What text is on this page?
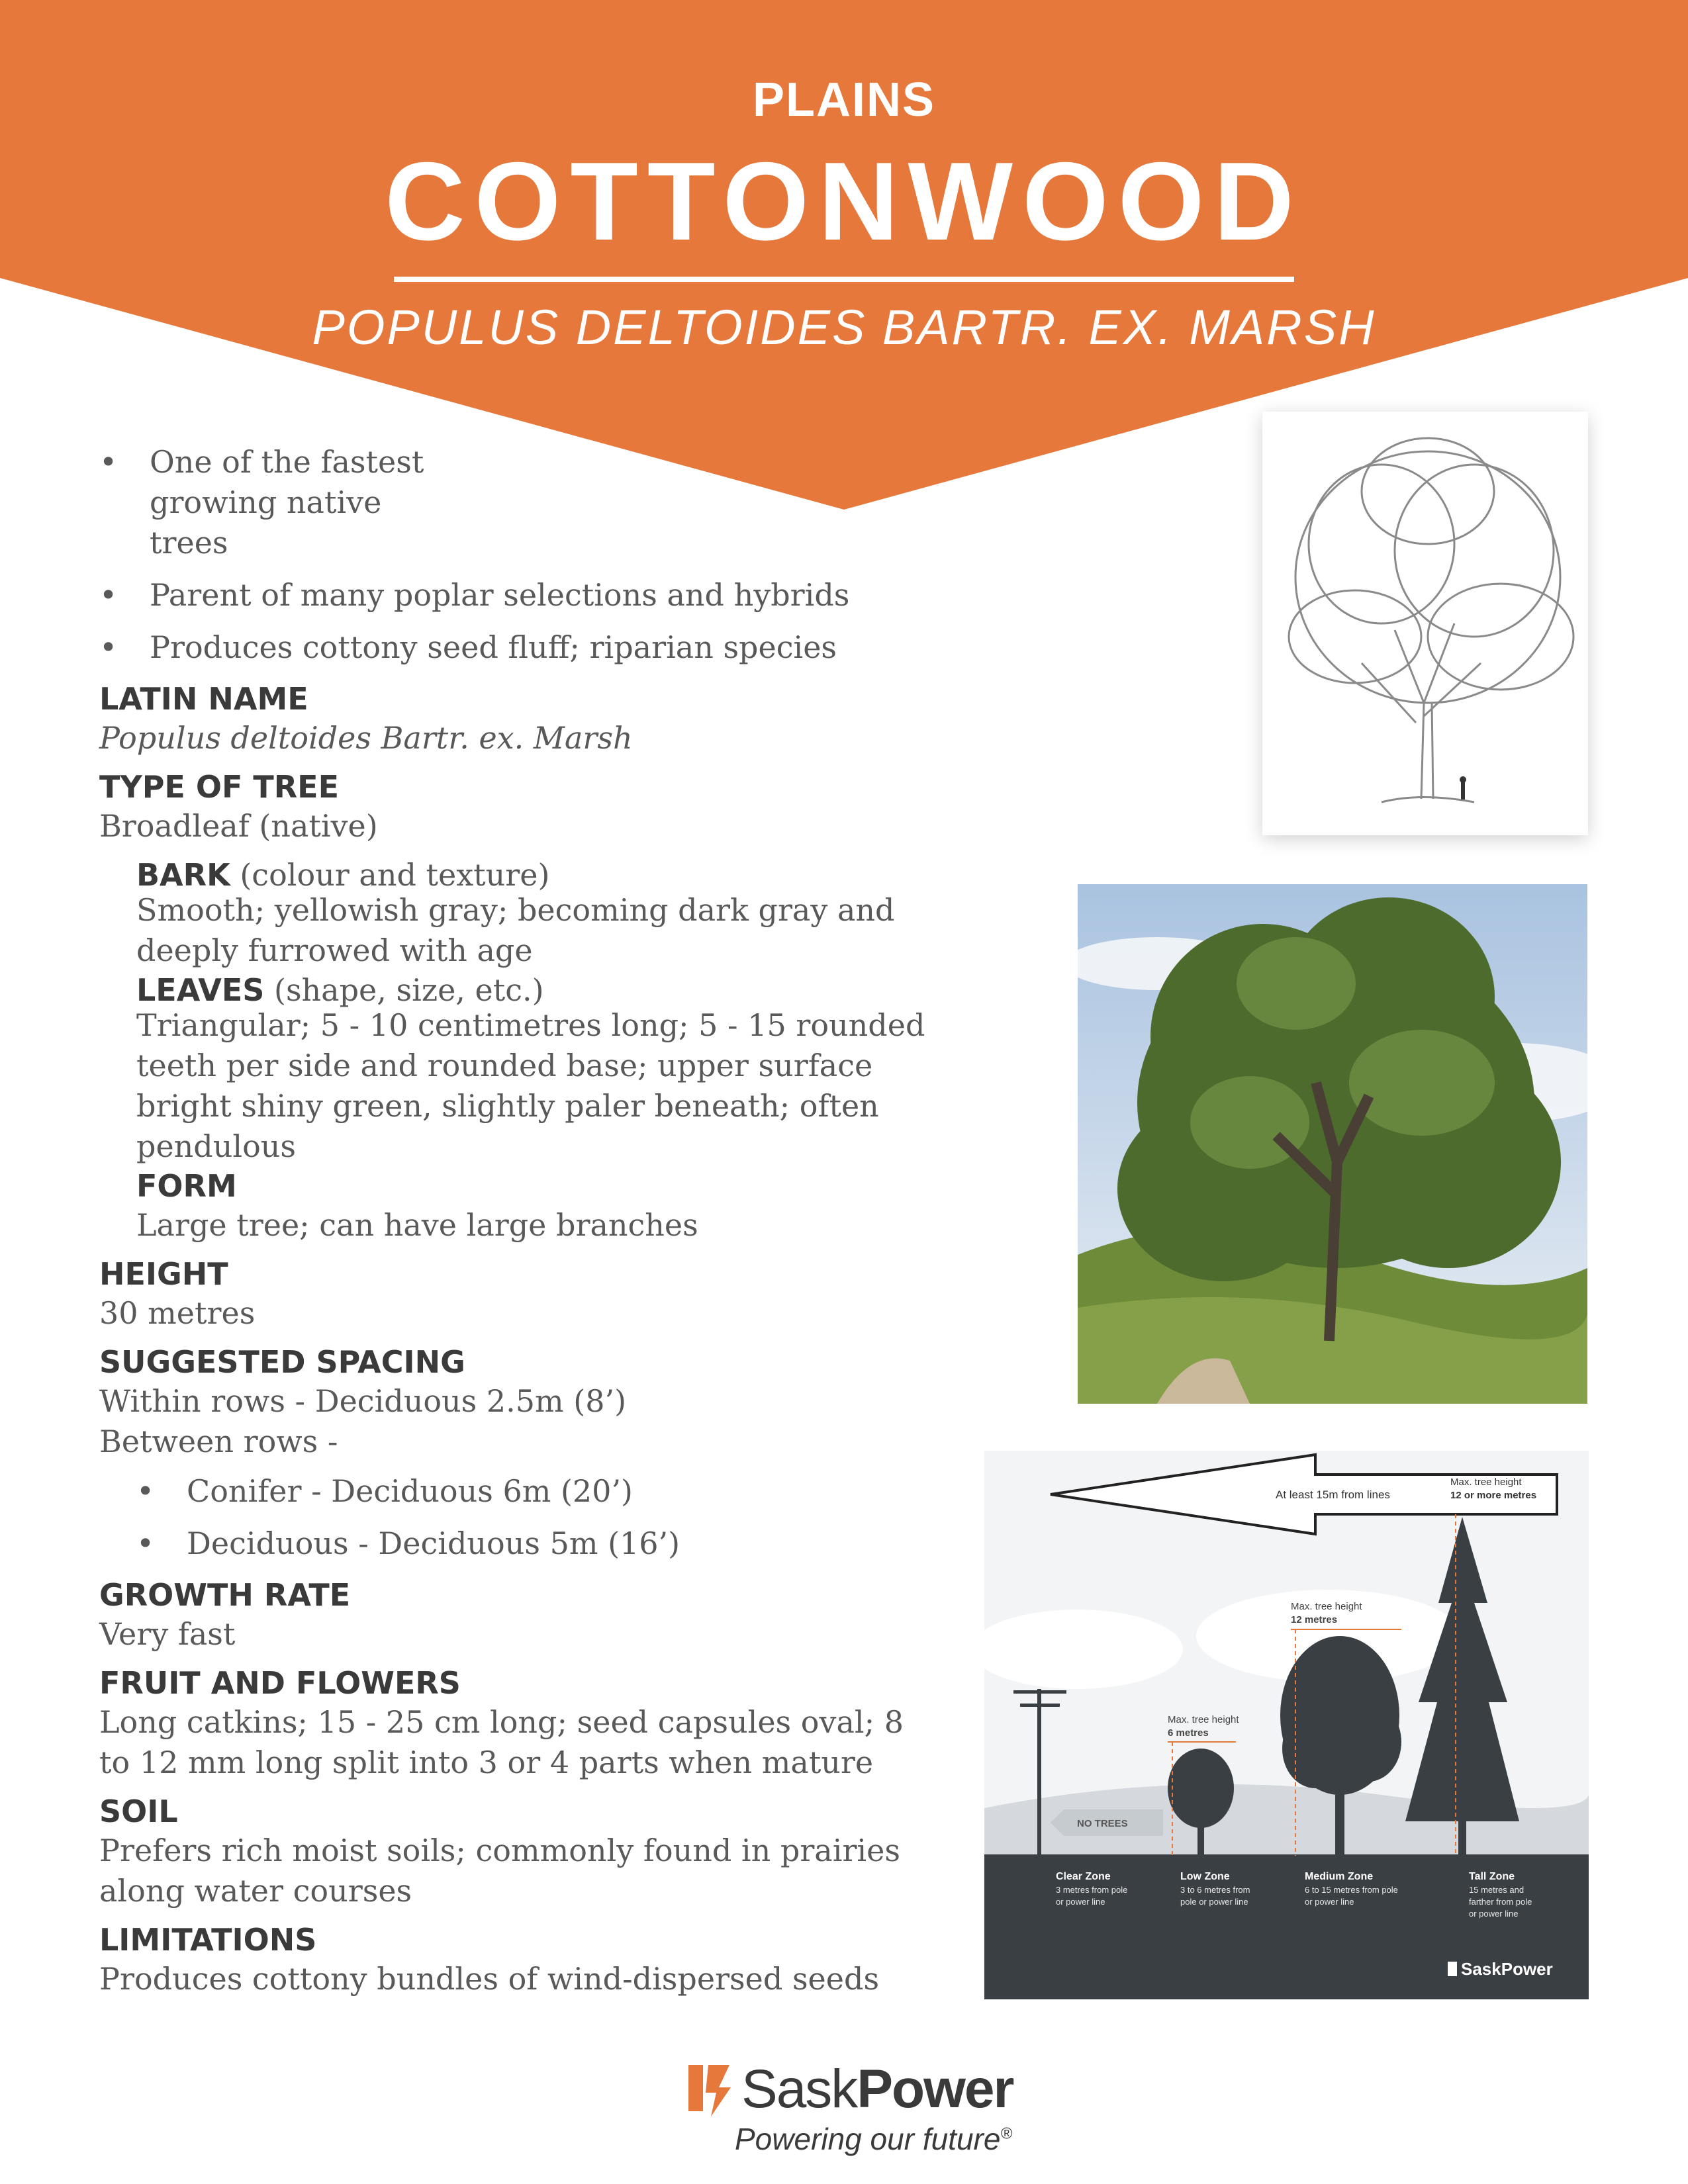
PLAINS
COTTONWOOD
POPULUS DELTOIDES BARTR. EX. MARSH
• One of the fastest growing native trees
• Parent of many poplar selections and hybrids
• Produces cottony seed fluff; riparian species
LATIN NAME

Populus deltoides Bartr. ex. Marsh

TYPE OF TREE

Broadleaf (native)

BARK (colour and texture)

Smooth; yellowish gray; becoming dark gray and deeply furrowed with age

LEAVES (shape, size, etc.)

Triangular; 5 - 10 centimetres long; 5 - 15 rounded teeth per side and rounded base; upper surface bright shiny green, slightly paler beneath; often pendulous

FORM

Large tree; can have large branches

HEIGHT

30 metres

SUGGESTED SPACING

Within rows - Deciduous 2.5m (8’)

Between rows -

• Conifer - Deciduous 6m (20’)
• Deciduous - Deciduous 5m (16’)
GROWTH RATE

Very fast

FRUIT AND FLOWERS

Long catkins; 15 - 25 cm long; seed capsules oval; 8 to 12 mm long split into 3 or 4 parts when mature

SOIL

Prefers rich moist soils; commonly found in prairies along water courses

LIMITATIONS

Produces cottony bundles of wind-dispersed seeds

At least 15m from lines
Max. tree height
12 or more metres
NO TREES
Max. tree height
6 metres
Max. tree height
12 metres
Clear Zone
3 metres from pole
or power line
Low Zone
3 to 6 metres from
pole or power line
Medium Zone
6 to 15 metres from pole
or power line
Tall Zone
15 metres and
farther from pole
or power line
SaskPower
SaskPower
Powering our future®
